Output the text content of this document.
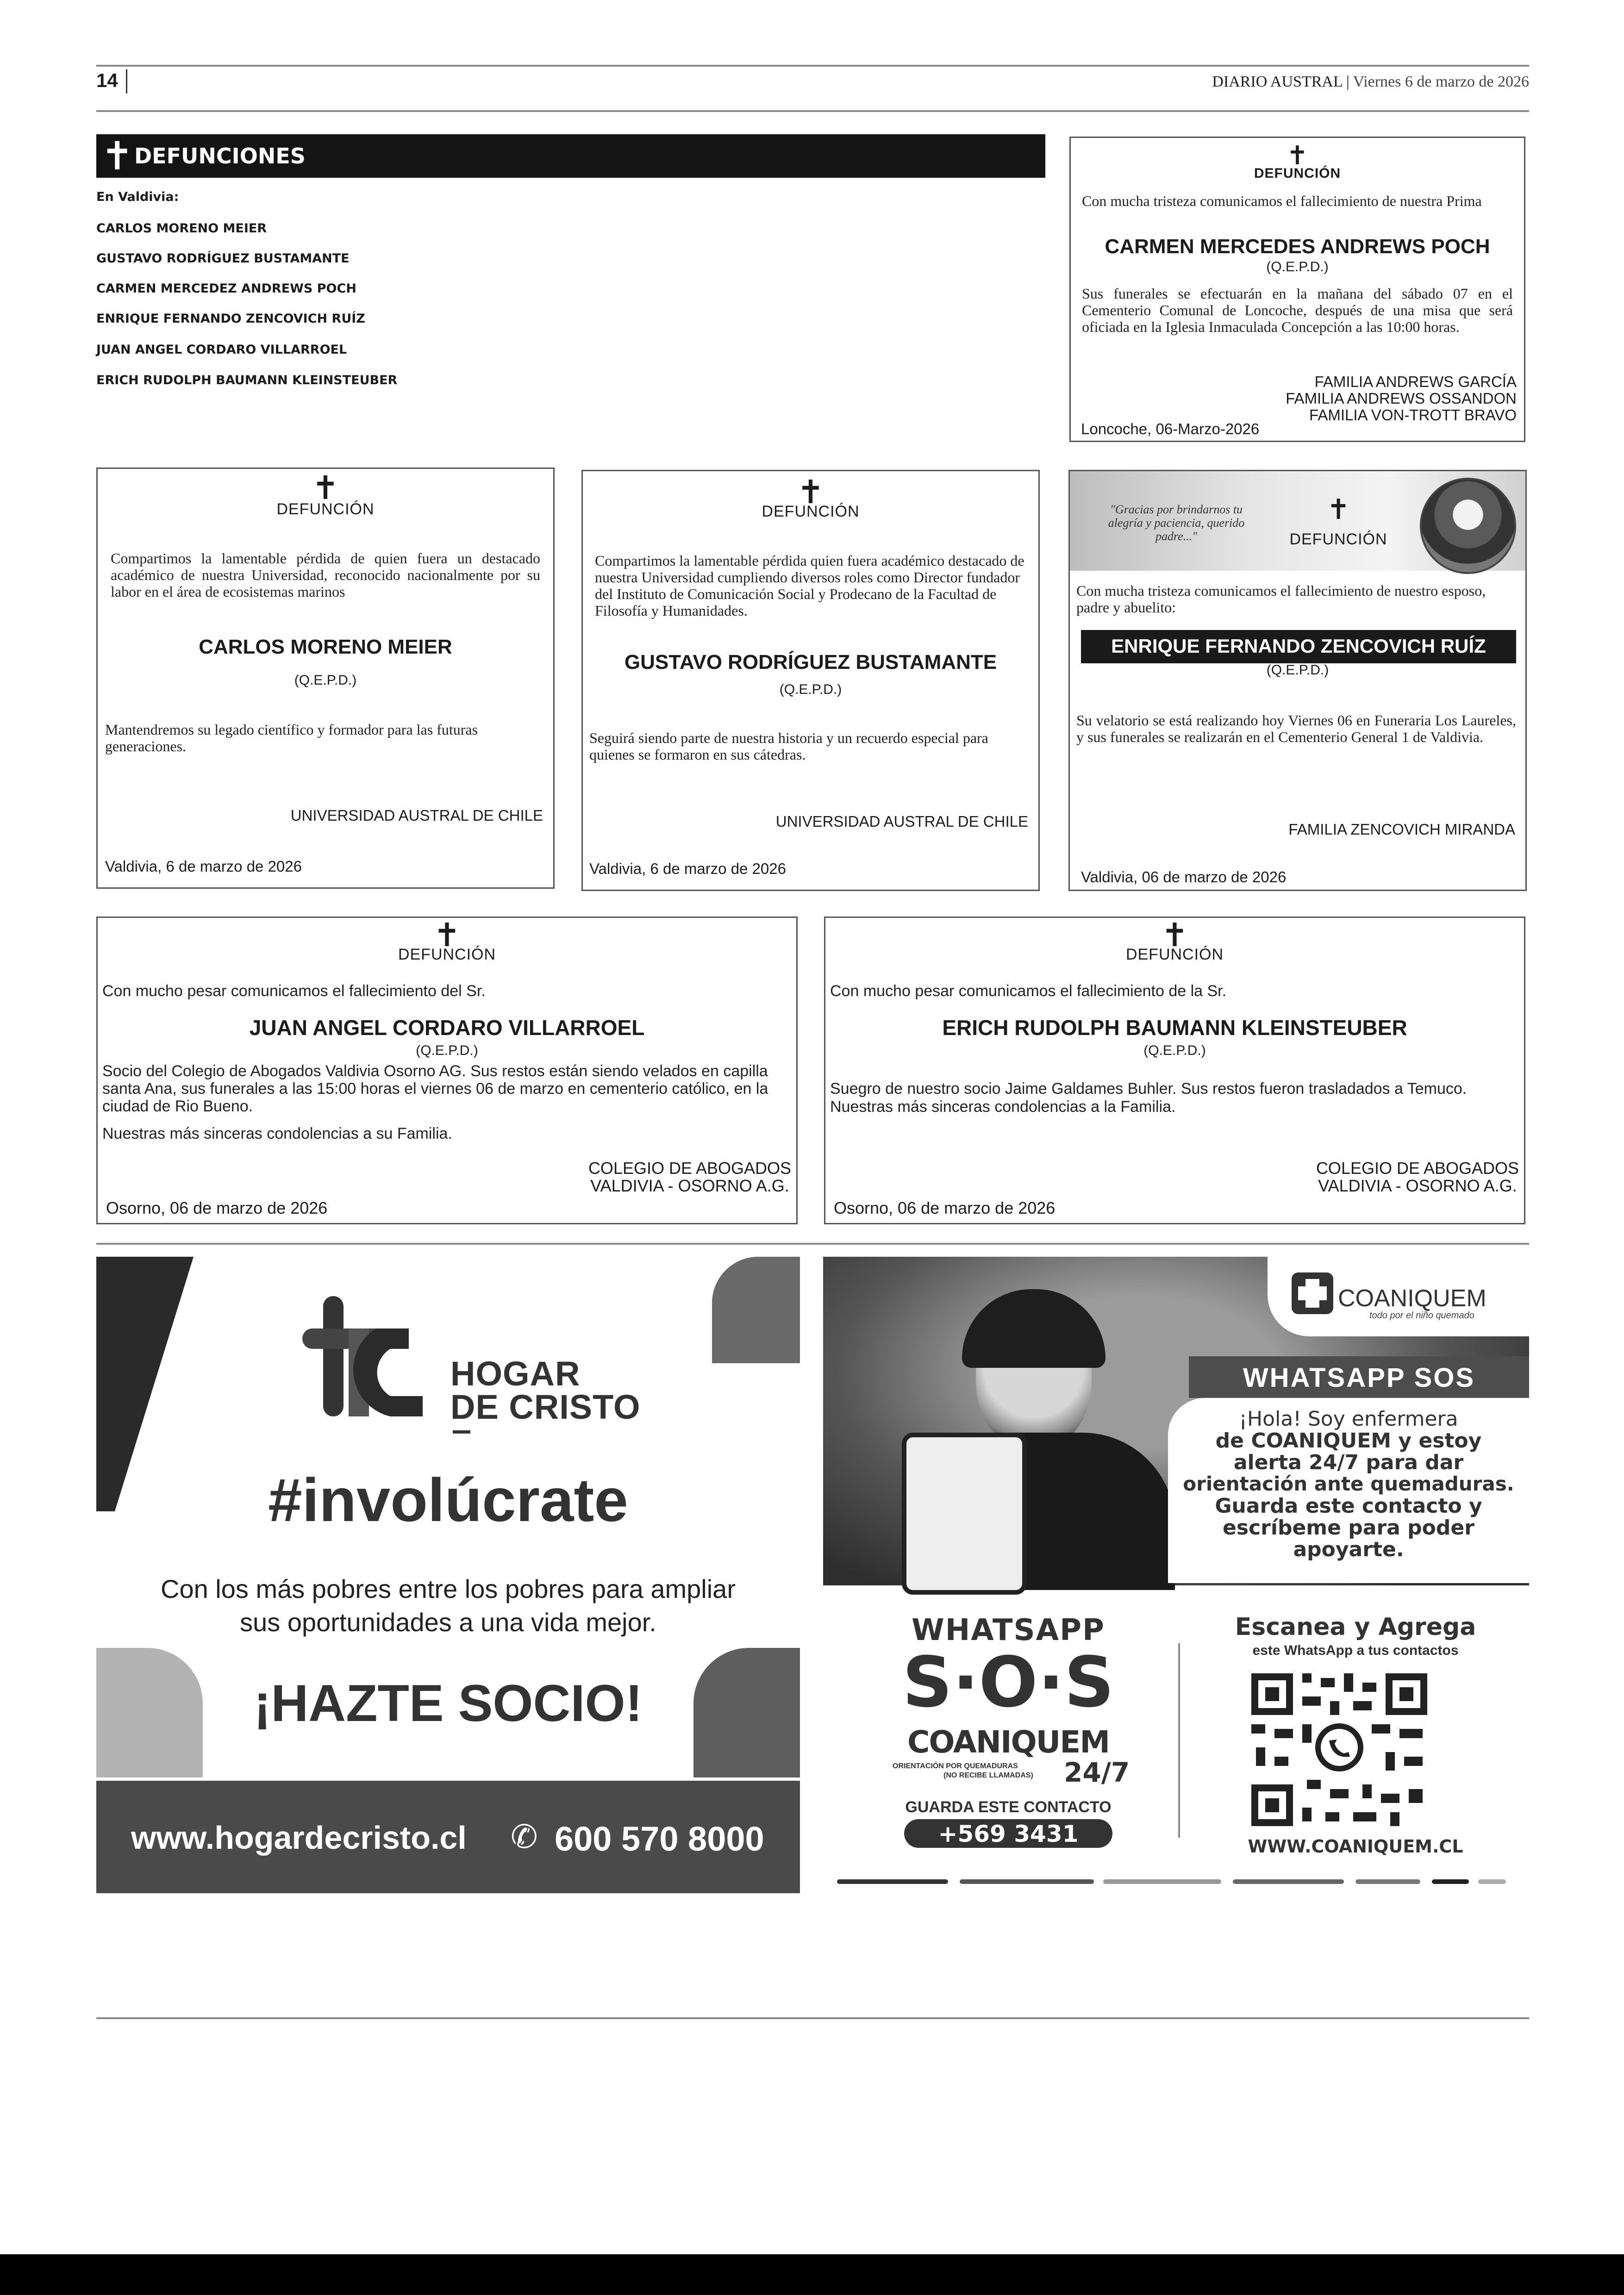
14	DIARIO AUSTRAL | Viernes 6 de marzo de 2026
✝ DEFUNCIONES
En Valdivia:
CARLOS MORENO MEIER
GUSTAVO RODRÍGUEZ BUSTAMANTE
CARMEN MERCEDEZ ANDREWS POCH
ENRIQUE FERNANDO ZENCOVICH RUÍZ
JUAN ANGEL CORDARO VILLARROEL
ERICH RUDOLPH BAUMANN KLEINSTEUBER
✝
DEFUNCIÓN
Con mucha tristeza comunicamos el fallecimiento de nuestra Prima
CARMEN MERCEDES ANDREWS POCH
(Q.E.P.D.)
Sus funerales se efectuarán en la mañana del sábado 07 en el Cementerio Comunal de Loncoche, después de una misa que será oficiada en la Iglesia Inmaculada Concepción a las 10:00 horas.
FAMILIA ANDREWS GARCÍA
FAMILIA ANDREWS OSSANDON
FAMILIA VON-TROTT BRAVO
Loncoche, 06-Marzo-2026
✝
DEFUNCIÓN
Compartimos la lamentable pérdida de quien fuera un destacado académico de nuestra Universidad, reconocido nacionalmente por su labor en el área de ecosistemas marinos
CARLOS MORENO MEIER
(Q.E.P.D.)
Mantendremos su legado científico y formador para las futuras generaciones.
UNIVERSIDAD AUSTRAL DE CHILE
Valdivia, 6 de marzo de 2026
✝
DEFUNCIÓN
Compartimos la lamentable pérdida quien fuera académico destacado de nuestra Universidad cumpliendo diversos roles como Director fundador del Instituto de Comunicación Social y Prodecano de la Facultad de Filosofía y Humanidades.
GUSTAVO RODRÍGUEZ BUSTAMANTE
(Q.E.P.D.)
Seguirá siendo parte de nuestra historia y un recuerdo especial para quienes se formaron en sus cátedras.
UNIVERSIDAD AUSTRAL DE CHILE
Valdivia, 6 de marzo de 2026
"Gracias por brindarnos tu alegría y paciencia, querido padre..."
✝
DEFUNCIÓN
Con mucha tristeza comunicamos el fallecimiento de nuestro esposo, padre y abuelito:
ENRIQUE FERNANDO ZENCOVICH RUÍZ
(Q.E.P.D.)
Su velatorio se está realizando hoy Viernes 06 en Funeraria Los Laureles, y sus funerales se realizarán en el Cementerio General 1 de Valdivia.
FAMILIA ZENCOVICH MIRANDA
Valdivia, 06 de marzo de 2026
✝
DEFUNCIÓN
Con mucho pesar comunicamos el fallecimiento del Sr.
JUAN ANGEL CORDARO VILLARROEL
(Q.E.P.D.)
Socio del Colegio de Abogados Valdivia Osorno AG. Sus restos están siendo velados en capilla santa Ana, sus funerales a las 15:00 horas el viernes 06 de marzo en cementerio católico, en la ciudad de Rio Bueno.
Nuestras más sinceras condolencias a su Familia.
COLEGIO DE ABOGADOS
VALDIVIA - OSORNO A.G.
Osorno, 06 de marzo de 2026
✝
DEFUNCIÓN
Con mucho pesar comunicamos el fallecimiento de la Sr.
ERICH RUDOLPH BAUMANN KLEINSTEUBER
(Q.E.P.D.)
Suegro de nuestro socio Jaime Galdames Buhler. Sus restos fueron trasladados a Temuco.
Nuestras más sinceras condolencias a la Familia.
COLEGIO DE ABOGADOS
VALDIVIA - OSORNO A.G.
Osorno, 06 de marzo de 2026
HOGAR
DE CRISTO
#involúcrate
Con los más pobres entre los pobres para ampliar
sus oportunidades a una vida mejor.
¡HAZTE SOCIO!
www.hogardecristo.cl ✆ 600 570 8000
COANIQUEM
todo por el niño quemado
WHATSAPP SOS
¡Hola! Soy enfermera
de COANIQUEM y estoy
alerta 24/7 para dar
orientación ante quemaduras.
Guarda este contacto y
escríbeme para poder
apoyarte.
WHATSAPP
S·O·S
COANIQUEM
ORIENTACIÓN POR QUEMADURAS
(NO RECIBE LLAMADAS) 24/7
GUARDA ESTE CONTACTO
+569 3431 9987
Escanea y Agrega
este WhatsApp a tus contactos
WWW.COANIQUEM.CL
